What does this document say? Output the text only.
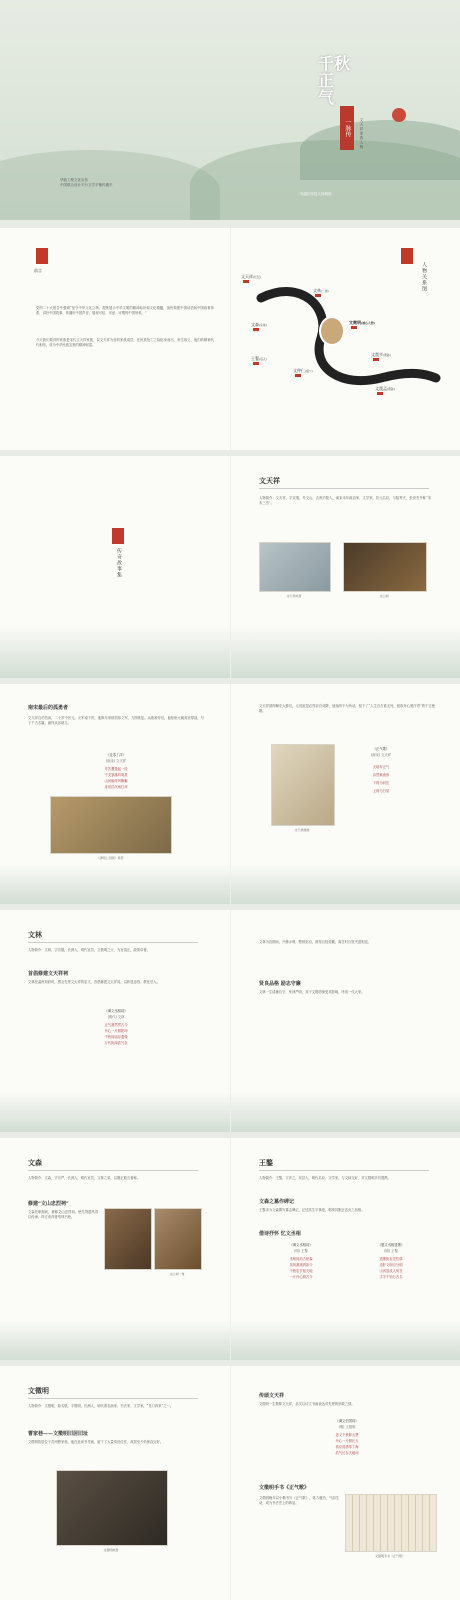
千秋
正
气
一脉传	文天祥家族人物
华能工程文化宣传
中国联合设计平台文学平衡传播平
吴越的家居人物精神
前言
党的二十大报告中强调“坚守中华文化立场，提炼展示中华文明的精神标识和文化精髓，加快构建中国话语和中国叙事体系，讲好中国故事、传播好中国声音，展现可信、可爱、可敬的中国形象。”
今天我们要讲的家族是宋代文天祥家族，以文天祥为首的家族成员，在民族危亡之际挺身而出，舍生取义，他们的精神代代相传，成为中华民族宝贵的精神财富。
人物关系图
文天祥(长兄)
文林(二弟)
文森(从弟)
王鏊(后人)
文徵明(核心人物)
文仲仁(祖父)
文震亨(曾孙)
文震孟(曾孙)
传奇故事集
文天祥
人物简介：文天祥，字宋瑞，号文山，吉州庐陵人，南宋末年政治家、文学家，抗元名臣，与陆秀夫、张世杰并称“宋末三杰”。
文天祥故居	文山祠
南宋最后的孤勇者
文天祥自幼苦读，二十岁中状元。元军南下时，他散尽家财招募义军，力图恢复。兵败被俘后，他拒绝元朝高官厚禄，写下千古名篇，最终从容就义。
《过零丁洋》
(南宋) 文天祥
辛苦遭逢起一经
干戈寥落四周星
山河破碎风飘絮
身世浮沉雨打萍
《清明上河图》局部
文天祥被押解至大都后，元世祖忽必烈亲自劝降，他始终不为所动，留下了“人生自古谁无死，留取丹心照汗青”的千古绝唱。
文天祥画像
《正气歌》
(南宋) 文天祥
天地有正气
杂然赋流形
下则为河岳
上则为日星
文林
人物简介：文林，字宗儒，长洲人，明代官员，文徵明之父，为官清正，政绩卓著。
首倡修建文天祥祠
文林任温州知府时，感念先贤文天祥的忠义，首倡修建文天祥祠，以彰显忠烈、教化后人。
《谒文丞相祠》
(明代) 文林
正气凛然贯古今
丹心一片照乾坤
千秋祠庙存遗像
万代犹闻浩气存
文林为官期间，兴修水利，整顿吏治，深得百姓爱戴，离任时百姓夹道相送。
贤良品格 励志守廉
文林一生清廉自守，家训严明，其子文徵明深受其影响，终成一代大家。
文森
人物简介：文森，字宗严，长洲人，明代官员，文林之弟，以刚正敢言著称。
修建“文山忠烈祠”
文森任职期间，重修文山忠烈祠，使先贤遗风得以传承，四方来拜者络绎不绝。
文山祠一角
王鏊
人物简介：王鏊，字济之，吴县人，明代名臣、文学家，与文林交好，对文徵明多有提携。
文森之墓作碑记
王鏊亲为文森撰写墓志碑记，记述其生平事迹，称颂其刚正忠贞之品格。
借诗抒怀 忆文丞相
《谒文丞相祠》
(明) 王鏊
丞相祠前古柏森
英风凛凛到如今
千秋忠节留天地
一片丹心照古今
《题文丞相遗墨》
(明) 王鏊
遗墨犹存见性情
忠肝义胆自分明
山河虽改人何在
字字千钧万古名
文徵明
人物简介：文徵明，原名壁，字徵明，长洲人，明代著名画家、书法家、文学家，“吴门四家”之一。
曹家巷——文徵明旧居旧址
文徵明故居位于苏州曹家巷，他在此读书作画，留下了大量传世佳作，故居至今仍保存完好。
文徵明故居
传颂文天祥
文徵明一生敬仰文天祥，多次以诗文书画表达对先贤的崇敬之情。
《谒文信国祠》
(明) 文徵明
忠义千秋仰大贤
丹心一片照长天
孤臣泪洒零丁海
浩气长存天地间
文徵明手书《正气歌》
文徵明晚年以小楷书写《正气歌》，笔力遒劲，气韵生动，成为书法史上的珍品。
文徵明手书《正气歌》
